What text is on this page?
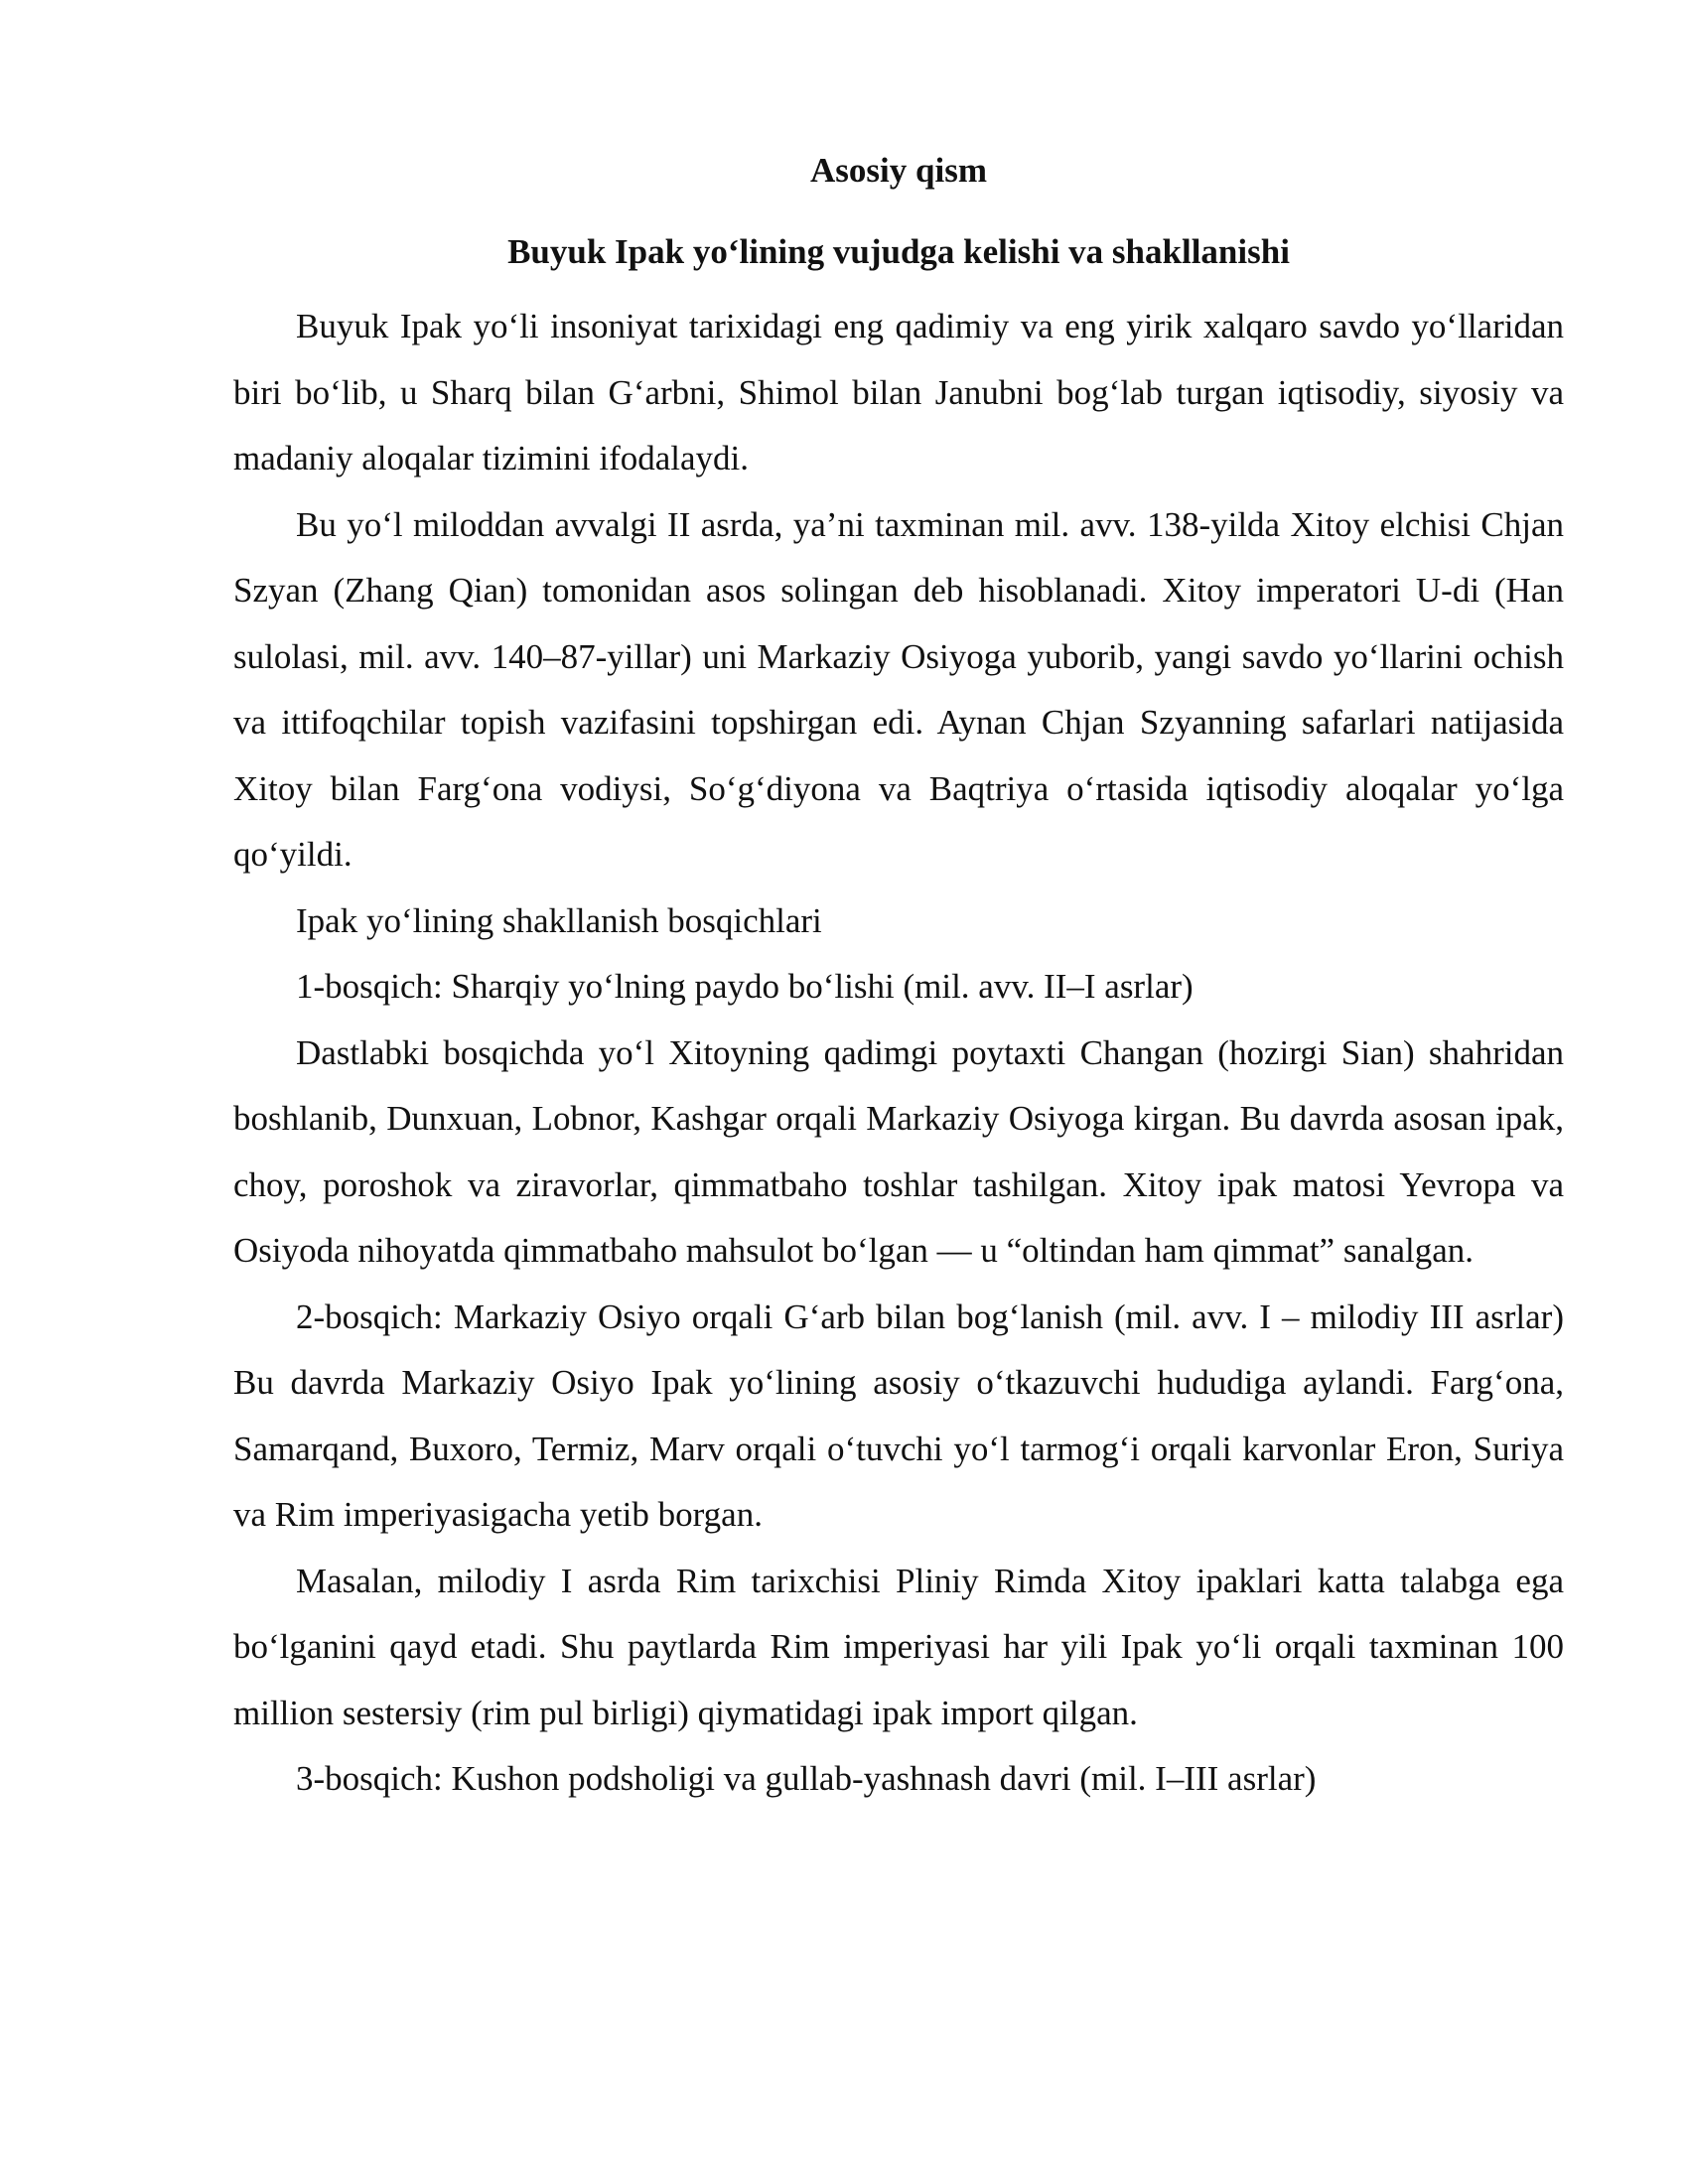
Asosiy qism
Buyuk Ipak yo‘lining vujudga kelishi va shakllanishi

Buyuk Ipak yo‘li insoniyat tarixidagi eng qadimiy va eng yirik xalqaro savdo yo‘llaridan biri bo‘lib, u Sharq bilan G‘arbni, Shimol bilan Janubni bog‘lab turgan iqtisodiy, siyosiy va madaniy aloqalar tizimini ifodalaydi.

Bu yo‘l miloddan avvalgi II asrda, ya’ni taxminan mil. avv. 138-yilda Xitoy elchisi Chjan Szyan (Zhang Qian) tomonidan asos solingan deb hisoblanadi. Xitoy imperatori U-di (Han sulolasi, mil. avv. 140–87-yillar) uni Markaziy Osiyoga yuborib, yangi savdo yo‘llarini ochish va ittifoqchilar topish vazifasini topshirgan edi. Aynan Chjan Szyanning safarlari natijasida Xitoy bilan Farg‘ona vodiysi, So‘g‘diyona va Baqtriya o‘rtasida iqtisodiy aloqalar yo‘lga qo‘yildi.

Ipak yo‘lining shakllanish bosqichlari

1-bosqich: Sharqiy yo‘lning paydo bo‘lishi (mil. avv. II–I asrlar)

Dastlabki bosqichda yo‘l Xitoyning qadimgi poytaxti Changan (hozirgi Sian) shahridan boshlanib, Dunxuan, Lobnor, Kashgar orqali Markaziy Osiyoga kirgan. Bu davrda asosan ipak, choy, poroshok va ziravorlar, qimmatbaho toshlar tashilgan. Xitoy ipak matosi Yevropa va Osiyoda nihoyatda qimmatbaho mahsulot bo‘lgan — u “oltindan ham qimmat” sanalgan.

2-bosqich: Markaziy Osiyo orqali G‘arb bilan bog‘lanish (mil. avv. I – milodiy III asrlar) Bu davrda Markaziy Osiyo Ipak yo‘lining asosiy o‘tkazuvchi hududiga aylandi. Farg‘ona, Samarqand, Buxoro, Termiz, Marv orqali o‘tuvchi yo‘l tarmog‘i orqali karvonlar Eron, Suriya va Rim imperiyasigacha yetib borgan.

Masalan, milodiy I asrda Rim tarixchisi Pliniy Rimda Xitoy ipaklari katta talabga ega bo‘lganini qayd etadi. Shu paytlarda Rim imperiyasi har yili Ipak yo‘li orqali taxminan 100 million sestersiy (rim pul birligi) qiymatidagi ipak import qilgan.

3-bosqich: Kushon podsholigi va gullab-yashnash davri (mil. I–III asrlar)
